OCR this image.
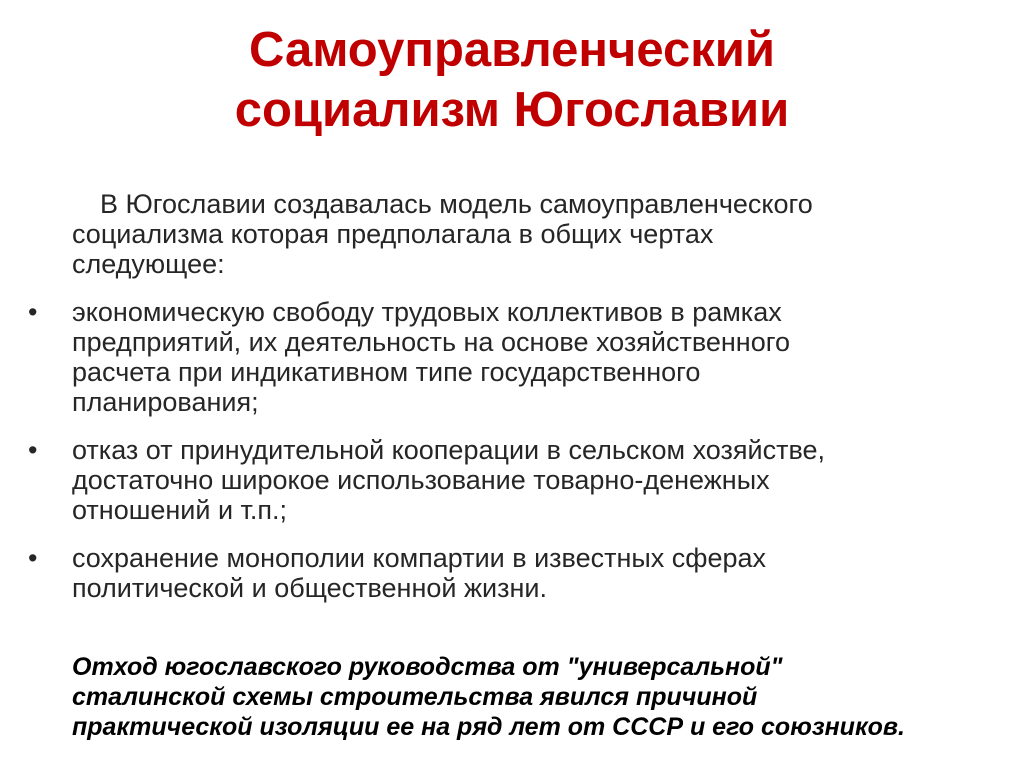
Самоуправленческий
социализм Югославии
В Югославии создавалась модель самоуправленческого
социализма которая предполагала в общих чертах
следующее:
• экономическую свободу трудовых коллективов в рамках
предприятий, их деятельность на основе хозяйственного
расчета при индикативном типе государственного
планирования;
• отказ от принудительной кооперации в сельском хозяйстве,
достаточно широкое использование товарно-денежных
отношений и т.п.;
• сохранение монополии компартии в известных сферах
политической и общественной жизни.
Отход югославского руководства от "универсальной"
сталинской схемы строительства явился причиной
практической изоляции ее на ряд лет от СССР и его союзников.
